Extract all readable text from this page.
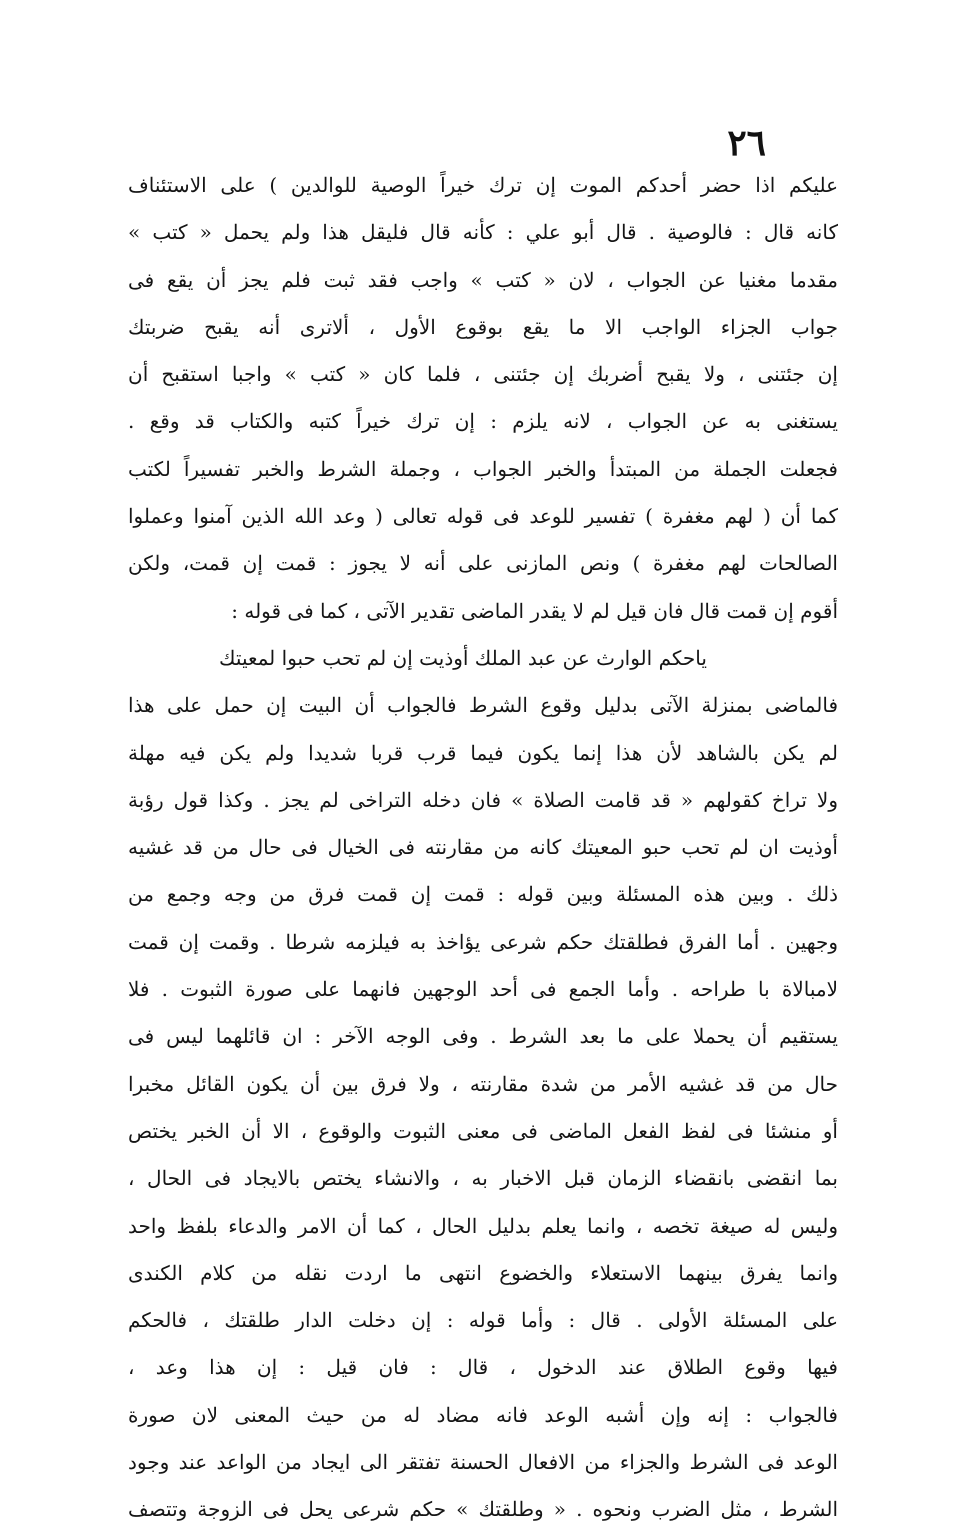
٢٦
عليكم اذا حضر أحدكم الموت إن ترك خيراً الوصية للوالدين ) على الاستئناف
كانه قال : فالوصية . قال أبو علي : كأنه قال فليقل هذا ولم يحمل « كتب »
مقدما مغنيا عن الجواب ، لان « كتب » واجب فقد ثبت فلم يجز أن يقع فى
جواب الجزاء الواجب الا ما يقع بوقوع الأول ، ألاترى أنه يقبح ضربتك
إن جئتنى ، ولا يقبح أضربك إن جئتنى ، فلما كان « كتب » واجبا استقبح أن
يستغنى به عن الجواب ، لانه يلزم : إن ترك خيراً كتبه والكتاب قد وقع .
فجعلت الجملة من المبتدأ والخبر الجواب ، وجملة الشرط والخبر تفسيراً لكتب
كما أن ( لهم مغفرة ) تفسير للوعد فى قوله تعالى ( وعد الله الذين آمنوا وعملوا
الصالحات لهم مغفرة ) ونص المازنى على أنه لا يجوز : قمت إن قمت، ولكن
أقوم إن قمت قال فان قيل لم لا يقدر الماضى تقدير الآتى ، كما فى قوله :
ياحكم الوارث عن عبد الملك أوذيت إن لم تحب حبوا لمعيتك
فالماضى بمنزلة الآتى بدليل وقوع الشرط فالجواب أن البيت إن حمل على هذا
لم يكن بالشاهد لأن هذا إنما يكون فيما قرب قربا شديدا ولم يكن فيه مهلة
ولا تراخ كقولهم « قد قامت الصلاة » فان دخله التراخى لم يجز . وكذا قول رؤبة
أوذيت ان لم تحب حبو المعيتك كانه من مقارنته فى الخيال فى حال من قد غشيه
ذلك . وبين هذه المسئلة وبين قوله : قمت إن قمت فرق من وجه وجمع من
وجهين . أما الفرق فطلقتك حكم شرعى يؤاخذ به فيلزمه شرطا . وقمت إن قمت
لامبالاة با طراحه . وأما الجمع فى أحد الوجهين فانهما على صورة الثبوت . فلا
يستقيم أن يحملا على ما بعد الشرط . وفى الوجه الآخر : ان قائلهما ليس فى
حال من قد غشيه الأمر من شدة مقارنته ، ولا فرق بين أن يكون القائل مخبرا
أو منشئا فى لفظ الفعل الماضى فى معنى الثبوت والوقوع ، الا أن الخبر يختص
بما انقضى بانقضاء الزمان قبل الاخبار به ، والانشاء يختص بالايجاد فى الحال ،
وليس له صيغة تخصه ، وانما يعلم بدليل الحال ، كما أن الامر والدعاء بلفظ واحد
وانما يفرق بينهما الاستعلاء والخضوع انتهى ما اردت نقله من كلام الكندى
على المسئلة الأولى . قال : وأما قوله : إن دخلت الدار طلقتك ، فالحكم
فيها وقوع الطلاق عند الدخول ، قال : فان قيل : إن هذا وعد ،
فالجواب : إنه وإن أشبه الوعد فانه مضاد له من حيث المعنى لان صورة
الوعد فى الشرط والجزاء من الافعال الحسنة تفتقر الى ايجاد من الواعد عند وجود
الشرط ، مثل الضرب ونحوه . « وطلقتك » حكم شرعى يحل فى الزوجة وتتصف
